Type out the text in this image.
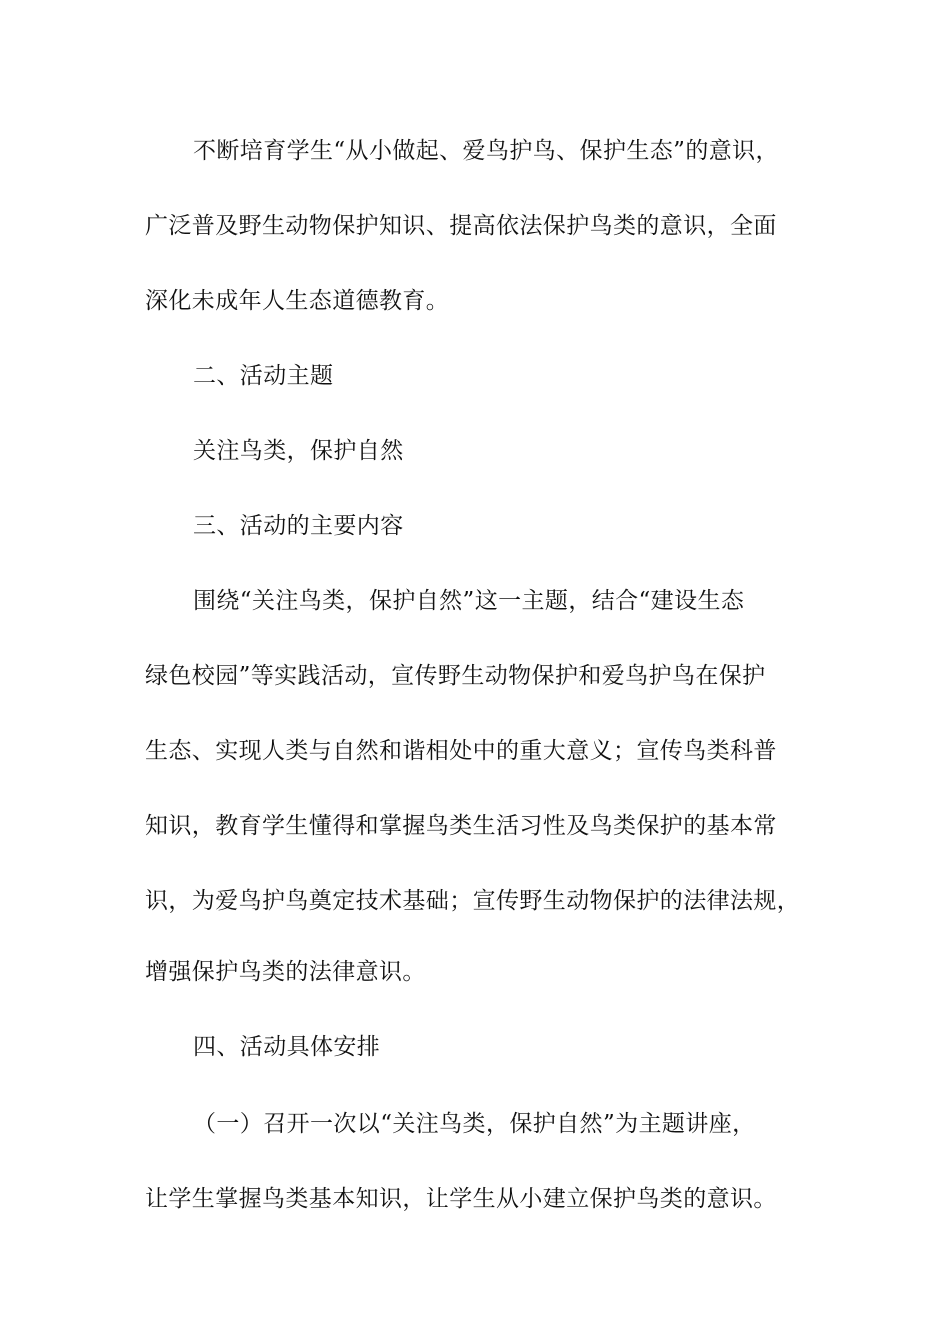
不断培育学生“从小做起、爱鸟护鸟、保护生态”的意识，
广泛普及野生动物保护知识、提高依法保护鸟类的意识，全面
深化未成年人生态道德教育。
二、活动主题
关注鸟类，保护自然
三、活动的主要内容
围绕“关注鸟类，保护自然”这一主题，结合“建设生态
绿色校园”等实践活动，宣传野生动物保护和爱鸟护鸟在保护
生态、实现人类与自然和谐相处中的重大意义；宣传鸟类科普
知识，教育学生懂得和掌握鸟类生活习性及鸟类保护的基本常
识，为爱鸟护鸟奠定技术基础；宣传野生动物保护的法律法规，
增强保护鸟类的法律意识。
四、活动具体安排
（一）召开一次以“关注鸟类，保护自然”为主题讲座，
让学生掌握鸟类基本知识，让学生从小建立保护鸟类的意识。
